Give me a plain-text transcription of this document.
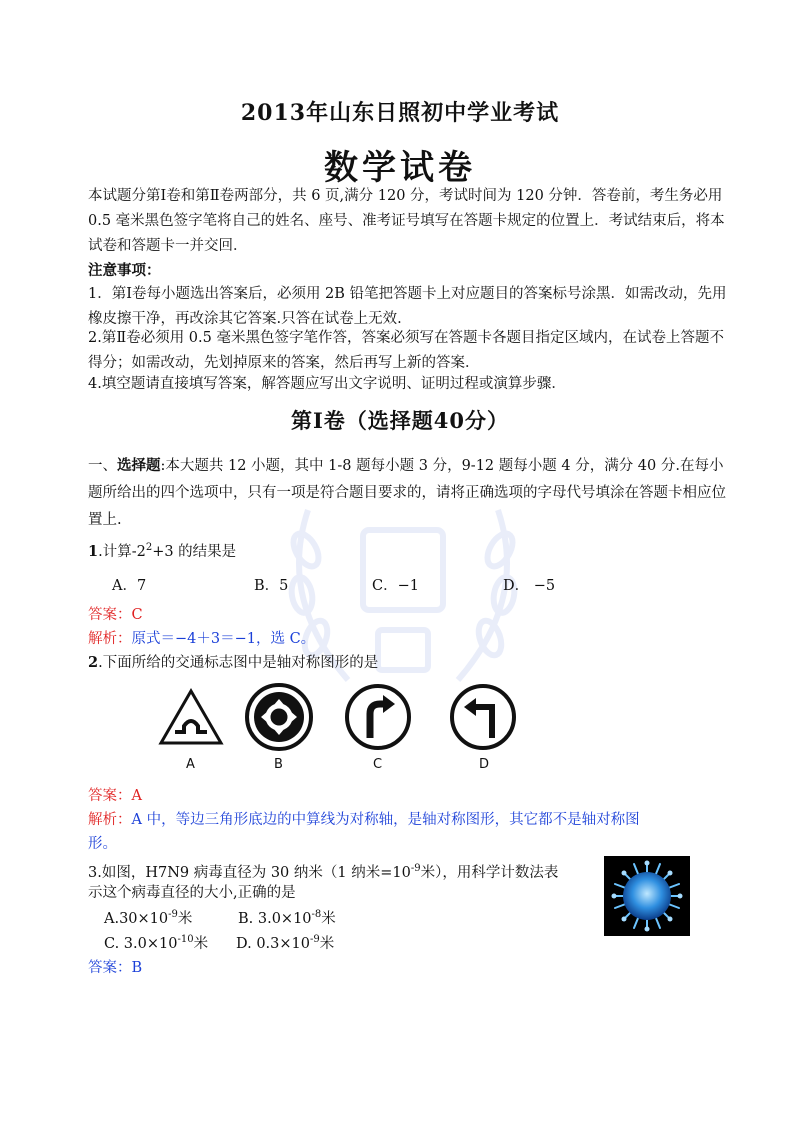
2013年山东日照初中学业考试
数学试卷
本试题分第Ⅰ卷和第Ⅱ卷两部分，共 6 页,满分 120 分，考试时间为 120 分钟．答卷前，考生务必用 0.5 毫米黑色签字笔将自己的姓名、座号、准考证号填写在答题卡规定的位置上．考试结束后，将本试卷和答题卡一并交回．
注意事项：
1．第Ⅰ卷每小题选出答案后，必须用 2B 铅笔把答题卡上对应题目的答案标号涂黑．如需改动，先用橡皮擦干净，再改涂其它答案.只答在试卷上无效.
2.第Ⅱ卷必须用 0.5 毫米黑色签字笔作答，答案必须写在答题卡各题目指定区域内，在试卷上答题不得分；如需改动，先划掉原来的答案，然后再写上新的答案．
4.填空题请直接填写答案，解答题应写出文字说明、证明过程或演算步骤．
第Ⅰ卷（选择题40分）
一、选择题:本大题共 12 小题，其中 1-8 题每小题 3 分，9-12 题每小题 4 分，满分 40 分.在每小题所给出的四个选项中，只有一项是符合题目要求的，请将正确选项的字母代号填涂在答题卡相应位置上.
1.计算$-2^2+3$ 的结果是
A．7	B．5	C．−1	D． −5
答案：C
解析：原式＝−4＋3＝−1，选 C。
2.下面所给的交通标志图中是轴对称图形的是
A	B	C	D
答案：A
解析：A 中，等边三角形底边的中算线为对称轴，是轴对称图形，其它都不是轴对称图
形。
3.如图，H7N9 病毒直径为 30 纳米（1 纳米$=10^{-9}$米），用科学计数法表
示这个病毒直径的大小,正确的是
$A.30\times 10^{-9}$米	B. $3.0\times 10^{-8}$米
C. $3.0\times 10^{-10}$米 D. $0.3\times 10^{-9}$米
答案：B
